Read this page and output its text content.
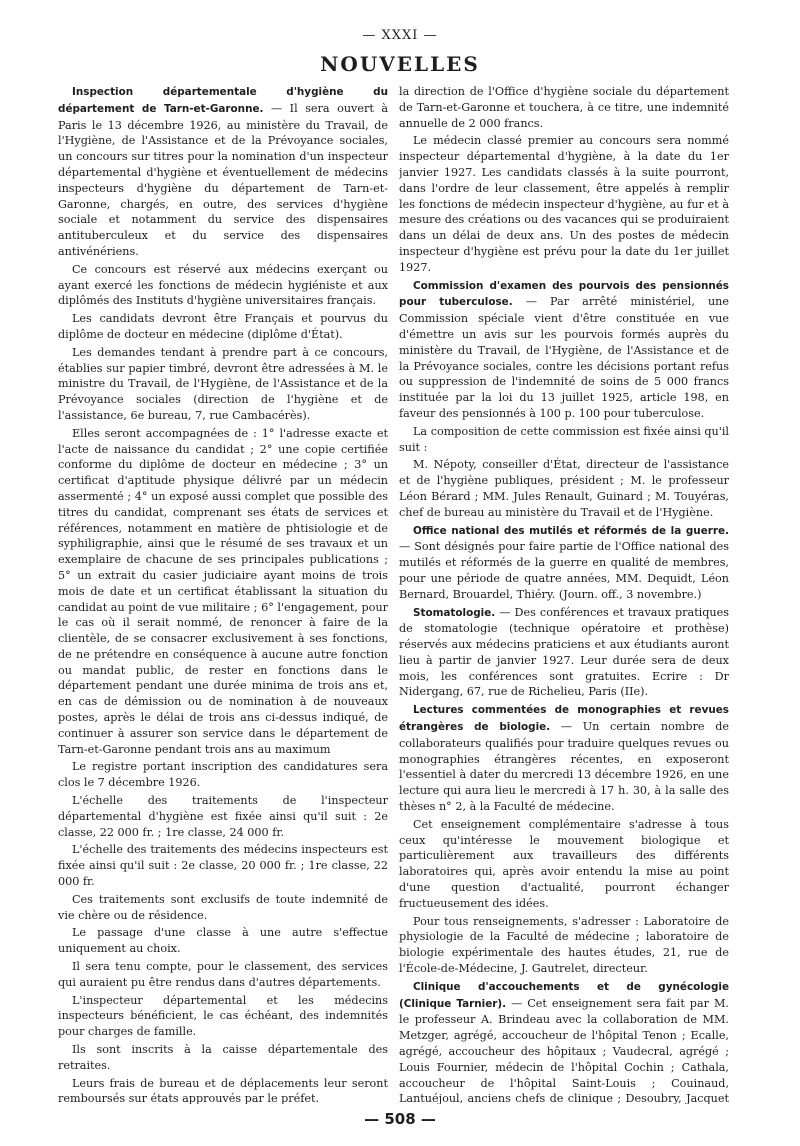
— XXXI —
NOUVELLES

Inspection départementale d'hygiène du département de Tarn-et-Garonne. — Il sera ouvert à Paris le 13 décembre 1926, au ministère du Travail, de l'Hygiène, de l'Assistance et de la Prévoyance sociales, un concours sur titres pour la nomination d'un inspecteur départemental d'hygiène et éventuellement de médecins inspecteurs d'hygiène du département de Tarn-et-Garonne, chargés, en outre, des services d'hygiène sociale et notamment du service des dispensaires antituberculeux et du service des dispensaires antivénériens.

Ce concours est réservé aux médecins exerçant ou ayant exercé les fonctions de médecin hygiéniste et aux diplômés des Instituts d'hygiène universitaires français.

Les candidats devront être Français et pourvus du diplôme de docteur en médecine (diplôme d'État).

Les demandes tendant à prendre part à ce concours, établies sur papier timbré, devront être adressées à M. le ministre du Travail, de l'Hygiène, de l'Assistance et de la Prévoyance sociales (direction de l'hygiène et de l'assistance, 6e bureau, 7, rue Cambacérès).

Elles seront accompagnées de : 1° l'adresse exacte et l'acte de naissance du candidat ; 2° une copie certifiée conforme du diplôme de docteur en médecine ; 3° un certificat d'aptitude physique délivré par un médecin assermenté ; 4° un exposé aussi complet que possible des titres du candidat, comprenant ses états de services et références, notamment en matière de phtisiologie et de syphiligraphie, ainsi que le résumé de ses travaux et un exemplaire de chacune de ses principales publications ; 5° un extrait du casier judiciaire ayant moins de trois mois de date et un certificat établissant la situation du candidat au point de vue militaire ; 6° l'engagement, pour le cas où il serait nommé, de renoncer à faire de la clientèle, de se consacrer exclusivement à ses fonctions, de ne prétendre en conséquence à aucune autre fonction ou mandat public, de rester en fonctions dans le département pendant une durée minima de trois ans et, en cas de démission ou de nomination à de nouveaux postes, après le délai de trois ans ci-dessus indiqué, de continuer à assurer son service dans le département de Tarn-et-Garonne pendant trois ans au maximum

Le registre portant inscription des candidatures sera clos le 7 décembre 1926.

L'échelle des traitements de l'inspecteur départemental d'hygiène est fixée ainsi qu'il suit : 2e classe, 22 000 fr. ; 1re classe, 24 000 fr.

L'échelle des traitements des médecins inspecteurs est fixée ainsi qu'il suit : 2e classe, 20 000 fr. ; 1re classe, 22 000 fr.

Ces traitements sont exclusifs de toute indemnité de vie chère ou de résidence.

Le passage d'une classe à une autre s'effectue uniquement au choix.

Il sera tenu compte, pour le classement, des services qui auraient pu être rendus dans d'autres départements.

L'inspecteur départemental et les médecins inspecteurs bénéficient, le cas échéant, des indemnités pour charges de famille.

Ils sont inscrits à la caisse départementale des retraites.

Leurs frais de bureau et de déplacements leur seront remboursés sur états approuvés par le préfet.

la direction de l'Office d'hygiène sociale du département de Tarn-et-Garonne et touchera, à ce titre, une indemnité annuelle de 2 000 francs.

Le médecin classé premier au concours sera nommé inspecteur départemental d'hygiène, à la date du 1er janvier 1927. Les candidats classés à la suite pourront, dans l'ordre de leur classement, être appelés à remplir les fonctions de médecin inspecteur d'hygiène, au fur et à mesure des créations ou des vacances qui se produiraient dans un délai de deux ans. Un des postes de médecin inspecteur d'hygiène est prévu pour la date du 1er juillet 1927.

Commission d'examen des pourvois des pensionnés pour tuberculose. — Par arrêté ministériel, une Commission spéciale vient d'être constituée en vue d'émettre un avis sur les pourvois formés auprès du ministère du Travail, de l'Hygiène, de l'Assistance et de la Prévoyance sociales, contre les décisions portant refus ou suppression de l'indemnité de soins de 5 000 francs instituée par la loi du 13 juillet 1925, article 198, en faveur des pensionnés à 100 p. 100 pour tuberculose.

La composition de cette commission est fixée ainsi qu'il suit :

M. Népoty, conseiller d'État, directeur de l'assistance et de l'hygiène publiques, président ; M. le professeur Léon Bérard ; MM. Jules Renault, Guinard ; M. Touyéras, chef de bureau au ministère du Travail et de l'Hygiène.

Office national des mutilés et réformés de la guerre. — Sont désignés pour faire partie de l'Office national des mutilés et réformés de la guerre en qualité de membres, pour une période de quatre années, MM. Dequidt, Léon Bernard, Brouardel, Thiéry. (Journ. off., 3 novembre.)

Stomatologie. — Des conférences et travaux pratiques de stomatologie (technique opératoire et prothèse) réservés aux médecins praticiens et aux étudiants auront lieu à partir de janvier 1927. Leur durée sera de deux mois, les conférences sont gratuites. Ecrire : Dr Nidergang, 67, rue de Richelieu, Paris (IIe).

Lectures commentées de monographies et revues étrangères de biologie. — Un certain nombre de collaborateurs qualifiés pour traduire quelques revues ou monographies étrangères récentes, en exposeront l'essentiel à dater du mercredi 13 décembre 1926, en une lecture qui aura lieu le mercredi à 17 h. 30, à la salle des thèses n° 2, à la Faculté de médecine.

Cet enseignement complémentaire s'adresse à tous ceux qu'intéresse le mouvement biologique et particulièrement aux travailleurs des différents laboratoires qui, après avoir entendu la mise au point d'une question d'actualité, pourront échanger fructueusement des idées.

Pour tous renseignements, s'adresser : Laboratoire de physiologie de la Faculté de médecine ; laboratoire de biologie expérimentale des hautes études, 21, rue de l'École-de-Médecine, J. Gautrelet, directeur.

Clinique d'accouchements et de gynécologie (Clinique Tarnier). — Cet enseignement sera fait par M. le professeur A. Brindeau avec la collaboration de MM. Metzger, agrégé, accoucheur de l'hôpital Tenon ; Ecalle, agrégé, accoucheur des hôpitaux ; Vaudecral, agrégé ; Louis Fournier, médecin de l'hôpital Cochin ; Cathala, accoucheur de l'hôpital Saint-Louis ; Couinaud, Lantuéjoul, anciens chefs de clinique ; Desoubry, Jacquet

— 508 —
